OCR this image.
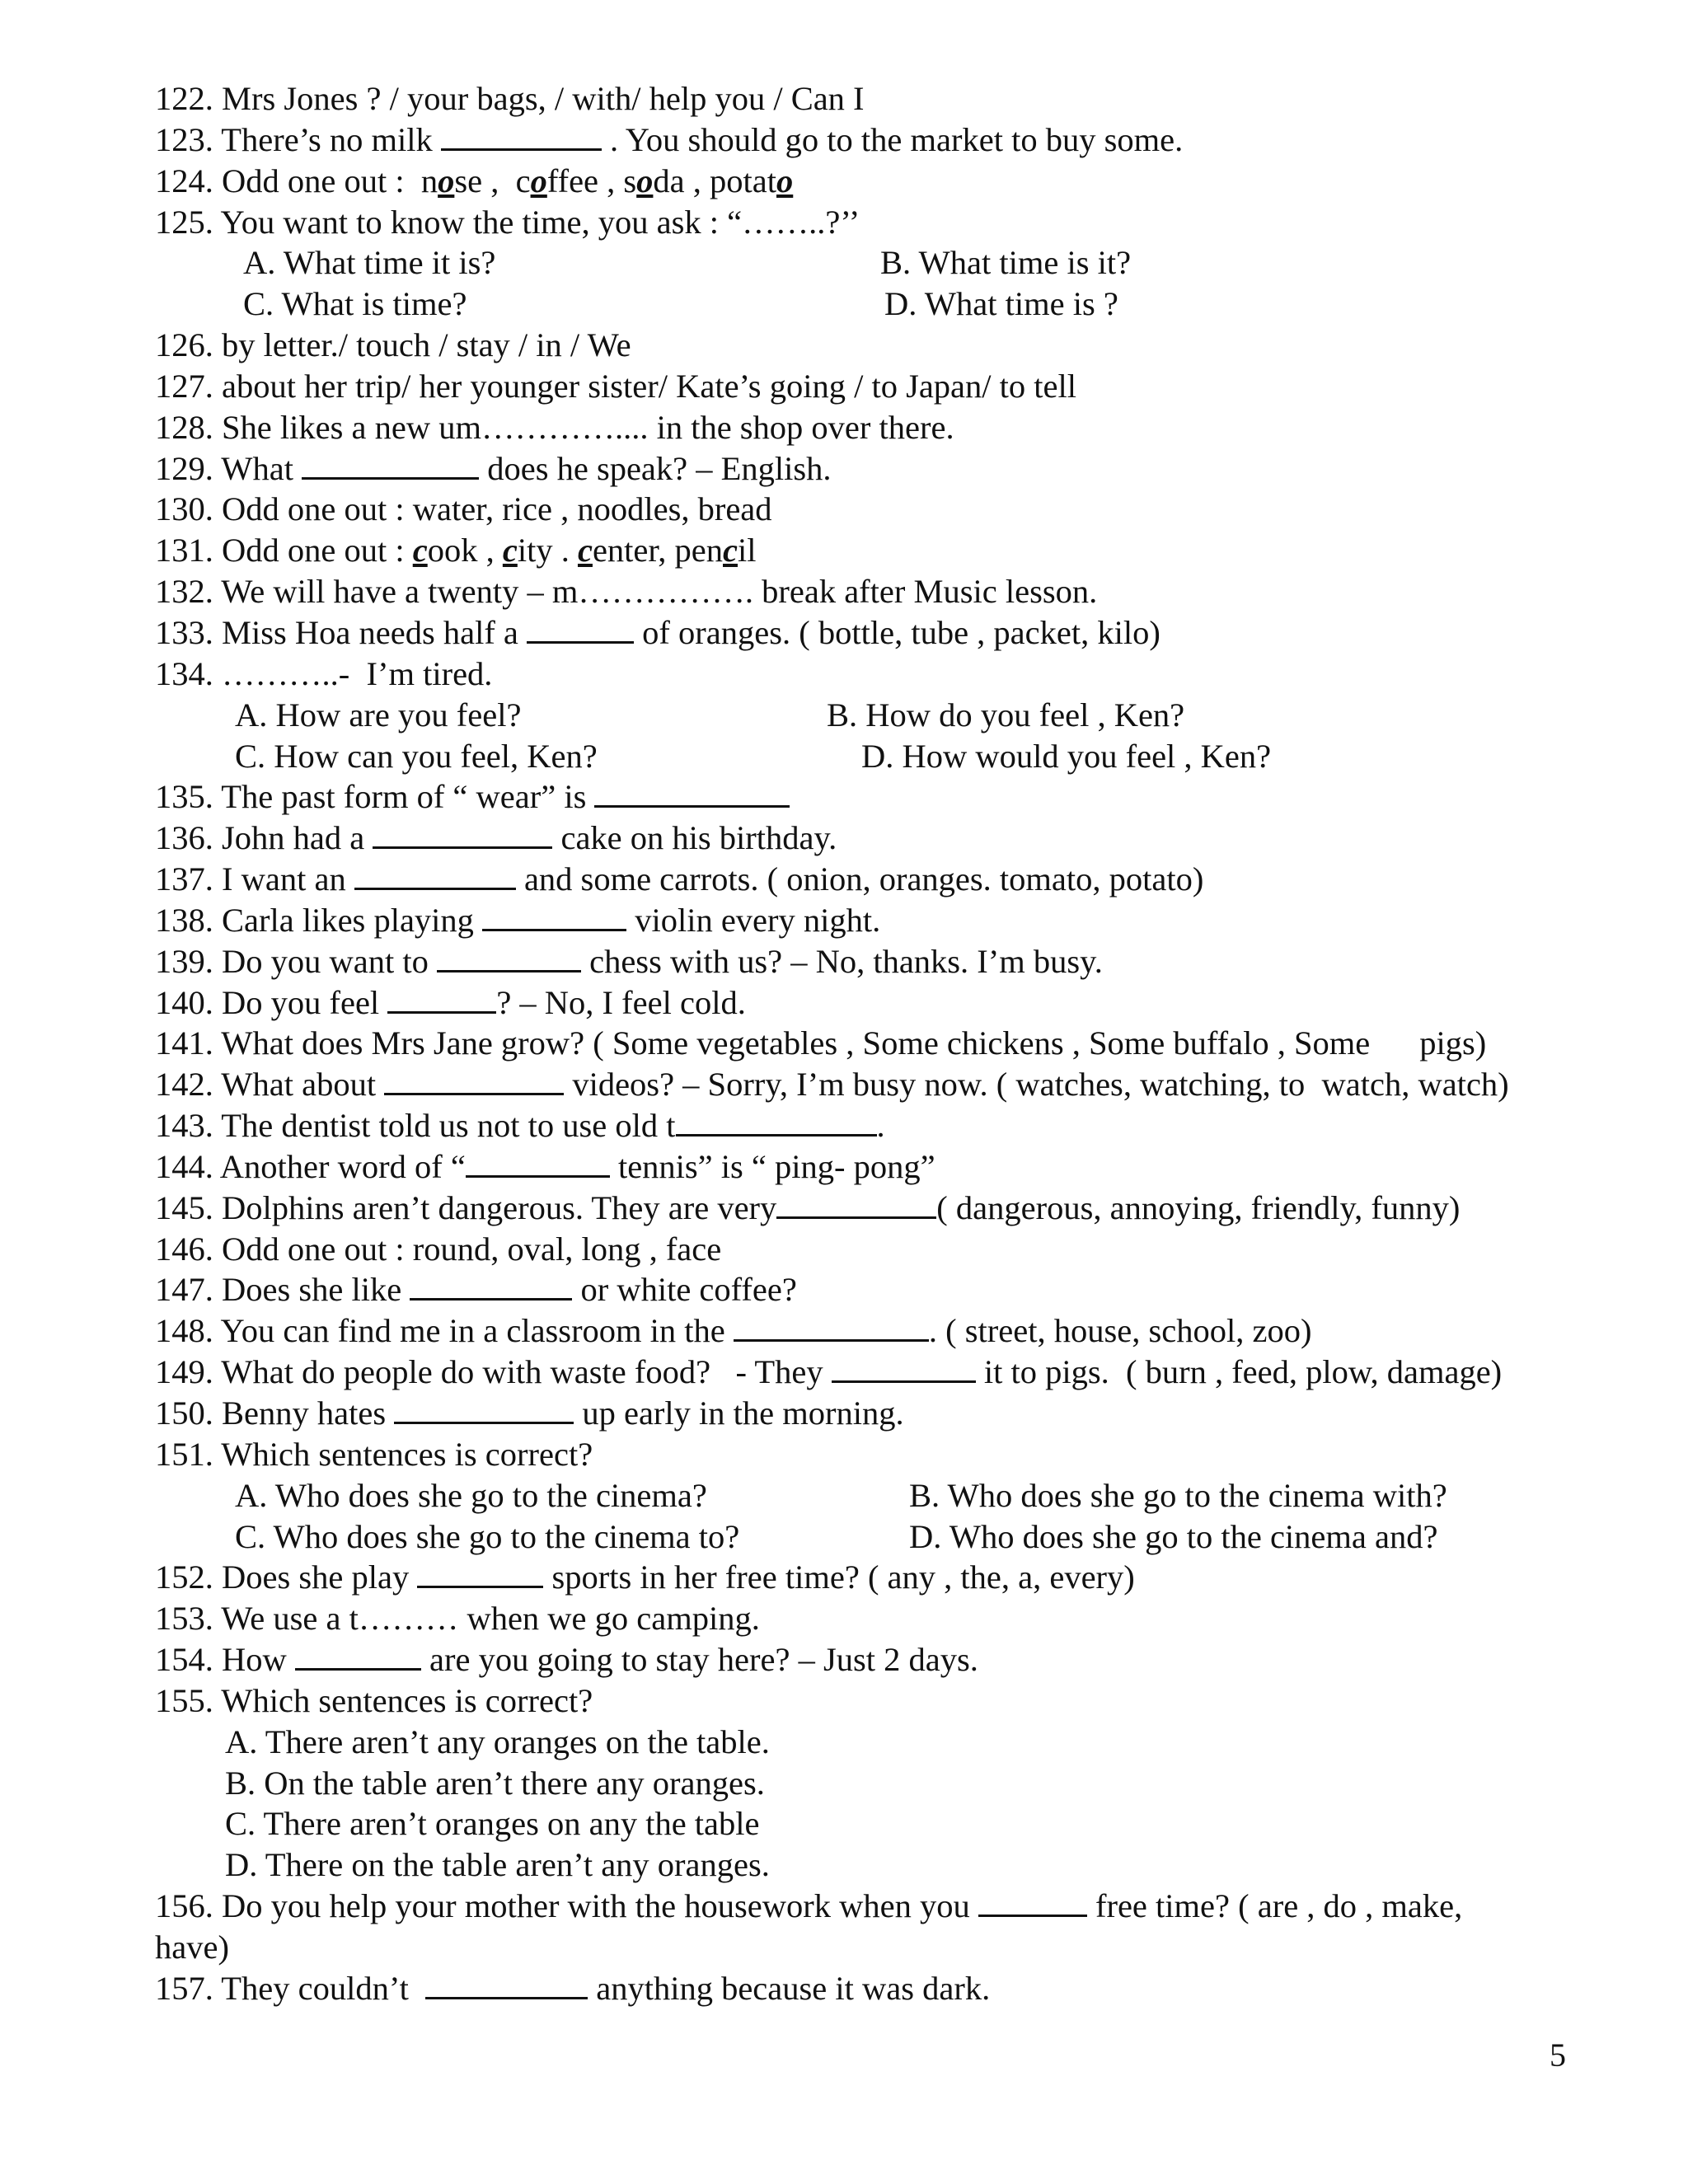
122. Mrs Jones ? / your bags, / with/ help you / Can I
123. There’s no milk	. You should go to the market to buy some.
124. Odd one out :  nose ,  coffee , soda , potato
125. You want to know the time, you ask : “……..?’’
A. What time it is?	B. What time is it?
C. What is time?	D. What time is ?
126. by letter./ touch / stay / in / We
127. about her trip/ her younger sister/ Kate’s going / to Japan/ to tell
128. She likes a new um………….... in the shop over there.
129. What	does he speak? – English.
130. Odd one out : water, rice , noodles, bread
131. Odd one out : cook , city . center, pencil
132. We will have a twenty – m……………. break after Music lesson.
133. Miss Hoa needs half a	of oranges. ( bottle, tube , packet, kilo)
134. ………..-  I’m tired.
A. How are you feel?	B. How do you feel , Ken?
C. How can you feel, Ken?	D. How would you feel , Ken?
135. The past form of “ wear” is
136. John had a	cake on his birthday.
137. I want an	and some carrots. ( onion, oranges. tomato, potato)
138. Carla likes playing	violin every night.
139. Do you want to	chess with us? – No, thanks. I’m busy.
140. Do you feel	? – No, I feel cold.
141. What does Mrs Jane grow? ( Some vegetables , Some chickens , Some buffalo , Some pigs)
142. What about	videos? – Sorry, I’m busy now. ( watches, watching, to  watch, watch)
143. The dentist told us not to use old t	.
144. Another word of “	tennis” is “ ping- pong”
145. Dolphins aren’t dangerous. They are very	( dangerous, annoying, friendly, funny)
146. Odd one out : round, oval, long , face
147. Does she like	or white coffee?
148. You can find me in a classroom in the	. ( street, house, school, zoo)
149. What do people do with waste food?   - They	it to pigs.  ( burn , feed, plow, damage)
150. Benny hates	up early in the morning.
151. Which sentences is correct?
A. Who does she go to the cinema?	B. Who does she go to the cinema with?
C. Who does she go to the cinema to?	D. Who does she go to the cinema and?
152. Does she play	sports in her free time? ( any , the, a, every)
153. We use a t……… when we go camping.
154. How	are you going to stay here? – Just 2 days.
155. Which sentences is correct?
A. There aren’t any oranges on the table.
B. On the table aren’t there any oranges.
C. There aren’t oranges on any the table
D. There on the table aren’t any oranges.
156. Do you help your mother with the housework when you	free time? ( are , do , make,
have)
157. They couldn’t	anything because it was dark.
5
